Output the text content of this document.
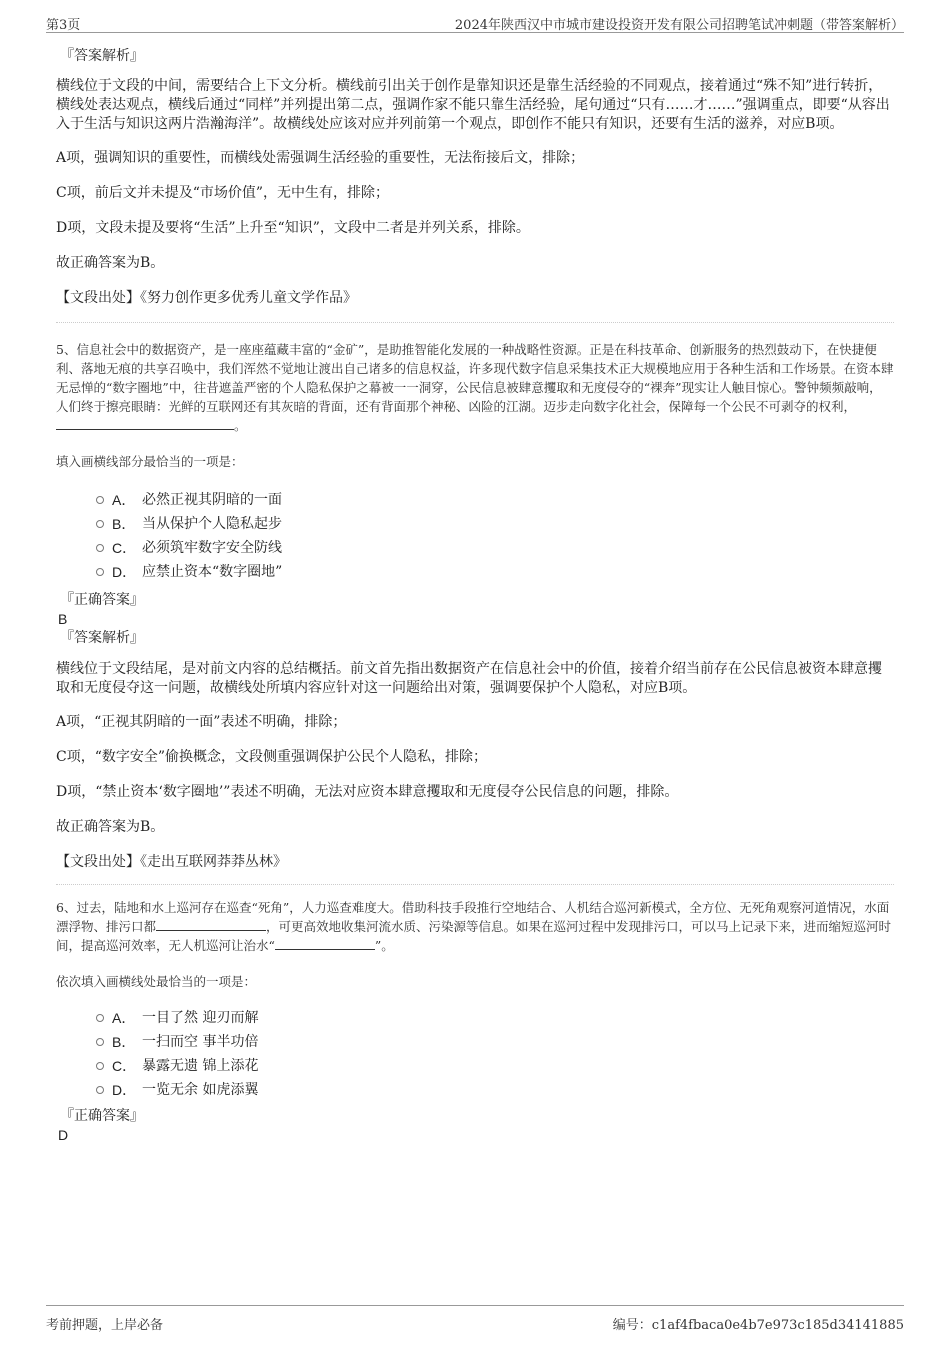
第3页	2024年陕西汉中市城市建设投资开发有限公司招聘笔试冲刺题（带答案解析）
『答案解析』

横线位于文段的中间，需要结合上下文分析。横线前引出关于创作是靠知识还是靠生活经验的不同观点，接着通过“殊不知”进行转折，横线处表达观点，横线后通过“同样”并列提出第二点，强调作家不能只靠生活经验，尾句通过“只有……才……”强调重点，即要“从容出入于生活与知识这两片浩瀚海洋”。故横线处应该对应并列前第一个观点，即创作不能只有知识，还要有生活的滋养，对应B项。

A项，强调知识的重要性，而横线处需强调生活经验的重要性，无法衔接后文，排除；

C项，前后文并未提及“市场价值”，无中生有，排除；

D项，文段未提及要将“生活”上升至“知识”，文段中二者是并列关系，排除。

故正确答案为B。

【文段出处】《努力创作更多优秀儿童文学作品》

5、信息社会中的数据资产，是一座座蕴藏丰富的“金矿”，是助推智能化发展的一种战略性资源。正是在科技革命、创新服务的热烈鼓动下，在快捷便利、落地无痕的共享召唤中，我们浑然不觉地让渡出自己诸多的信息权益，许多现代数字信息采集技术正大规模地应用于各种生活和工作场景。在资本肆无忌惮的“数字圈地”中，往昔遮盖严密的个人隐私保护之幕被一一洞穿，公民信息被肆意攫取和无度侵夺的“裸奔”现实让人触目惊心。警钟频频敲响，人们终于擦亮眼睛：光鲜的互联网还有其灰暗的背面，还有背面那个神秘、凶险的江湖。迈步走向数字化社会，保障每一个公民不可剥夺的权利，。

填入画横线部分最恰当的一项是：

A． 必然正视其阴暗的一面
B． 当从保护个人隐私起步
C． 必须筑牢数字安全防线
D． 应禁止资本“数字圈地”
『正确答案』
B
『答案解析』

横线位于文段结尾，是对前文内容的总结概括。前文首先指出数据资产在信息社会中的价值，接着介绍当前存在公民信息被资本肆意攫取和无度侵夺这一问题，故横线处所填内容应针对这一问题给出对策，强调要保护个人隐私，对应B项。

A项，“正视其阴暗的一面”表述不明确，排除；

C项，“数字安全”偷换概念，文段侧重强调保护公民个人隐私，排除；

D项，“禁止资本‘数字圈地’”表述不明确，无法对应资本肆意攫取和无度侵夺公民信息的问题，排除。

故正确答案为B。

【文段出处】《走出互联网莽莽丛林》

6、过去，陆地和水上巡河存在巡查“死角”，人力巡查难度大。借助科技手段推行空地结合、人机结合巡河新模式，全方位、无死角观察河道情况，水面漂浮物、排污口都	，可更高效地收集河流水质、污染源等信息。如果在巡河过程中发现排污口，可以马上记录下来，进而缩短巡河时间，提高巡河效率，无人机巡河让治水“	”。

依次填入画横线处最恰当的一项是：

A． 一目了然 迎刃而解
B． 一扫而空 事半功倍
C． 暴露无遗 锦上添花
D． 一览无余 如虎添翼
『正确答案』
D
考前押题，上岸必备	编号：c1af4fbaca0e4b7e973c185d34141885
